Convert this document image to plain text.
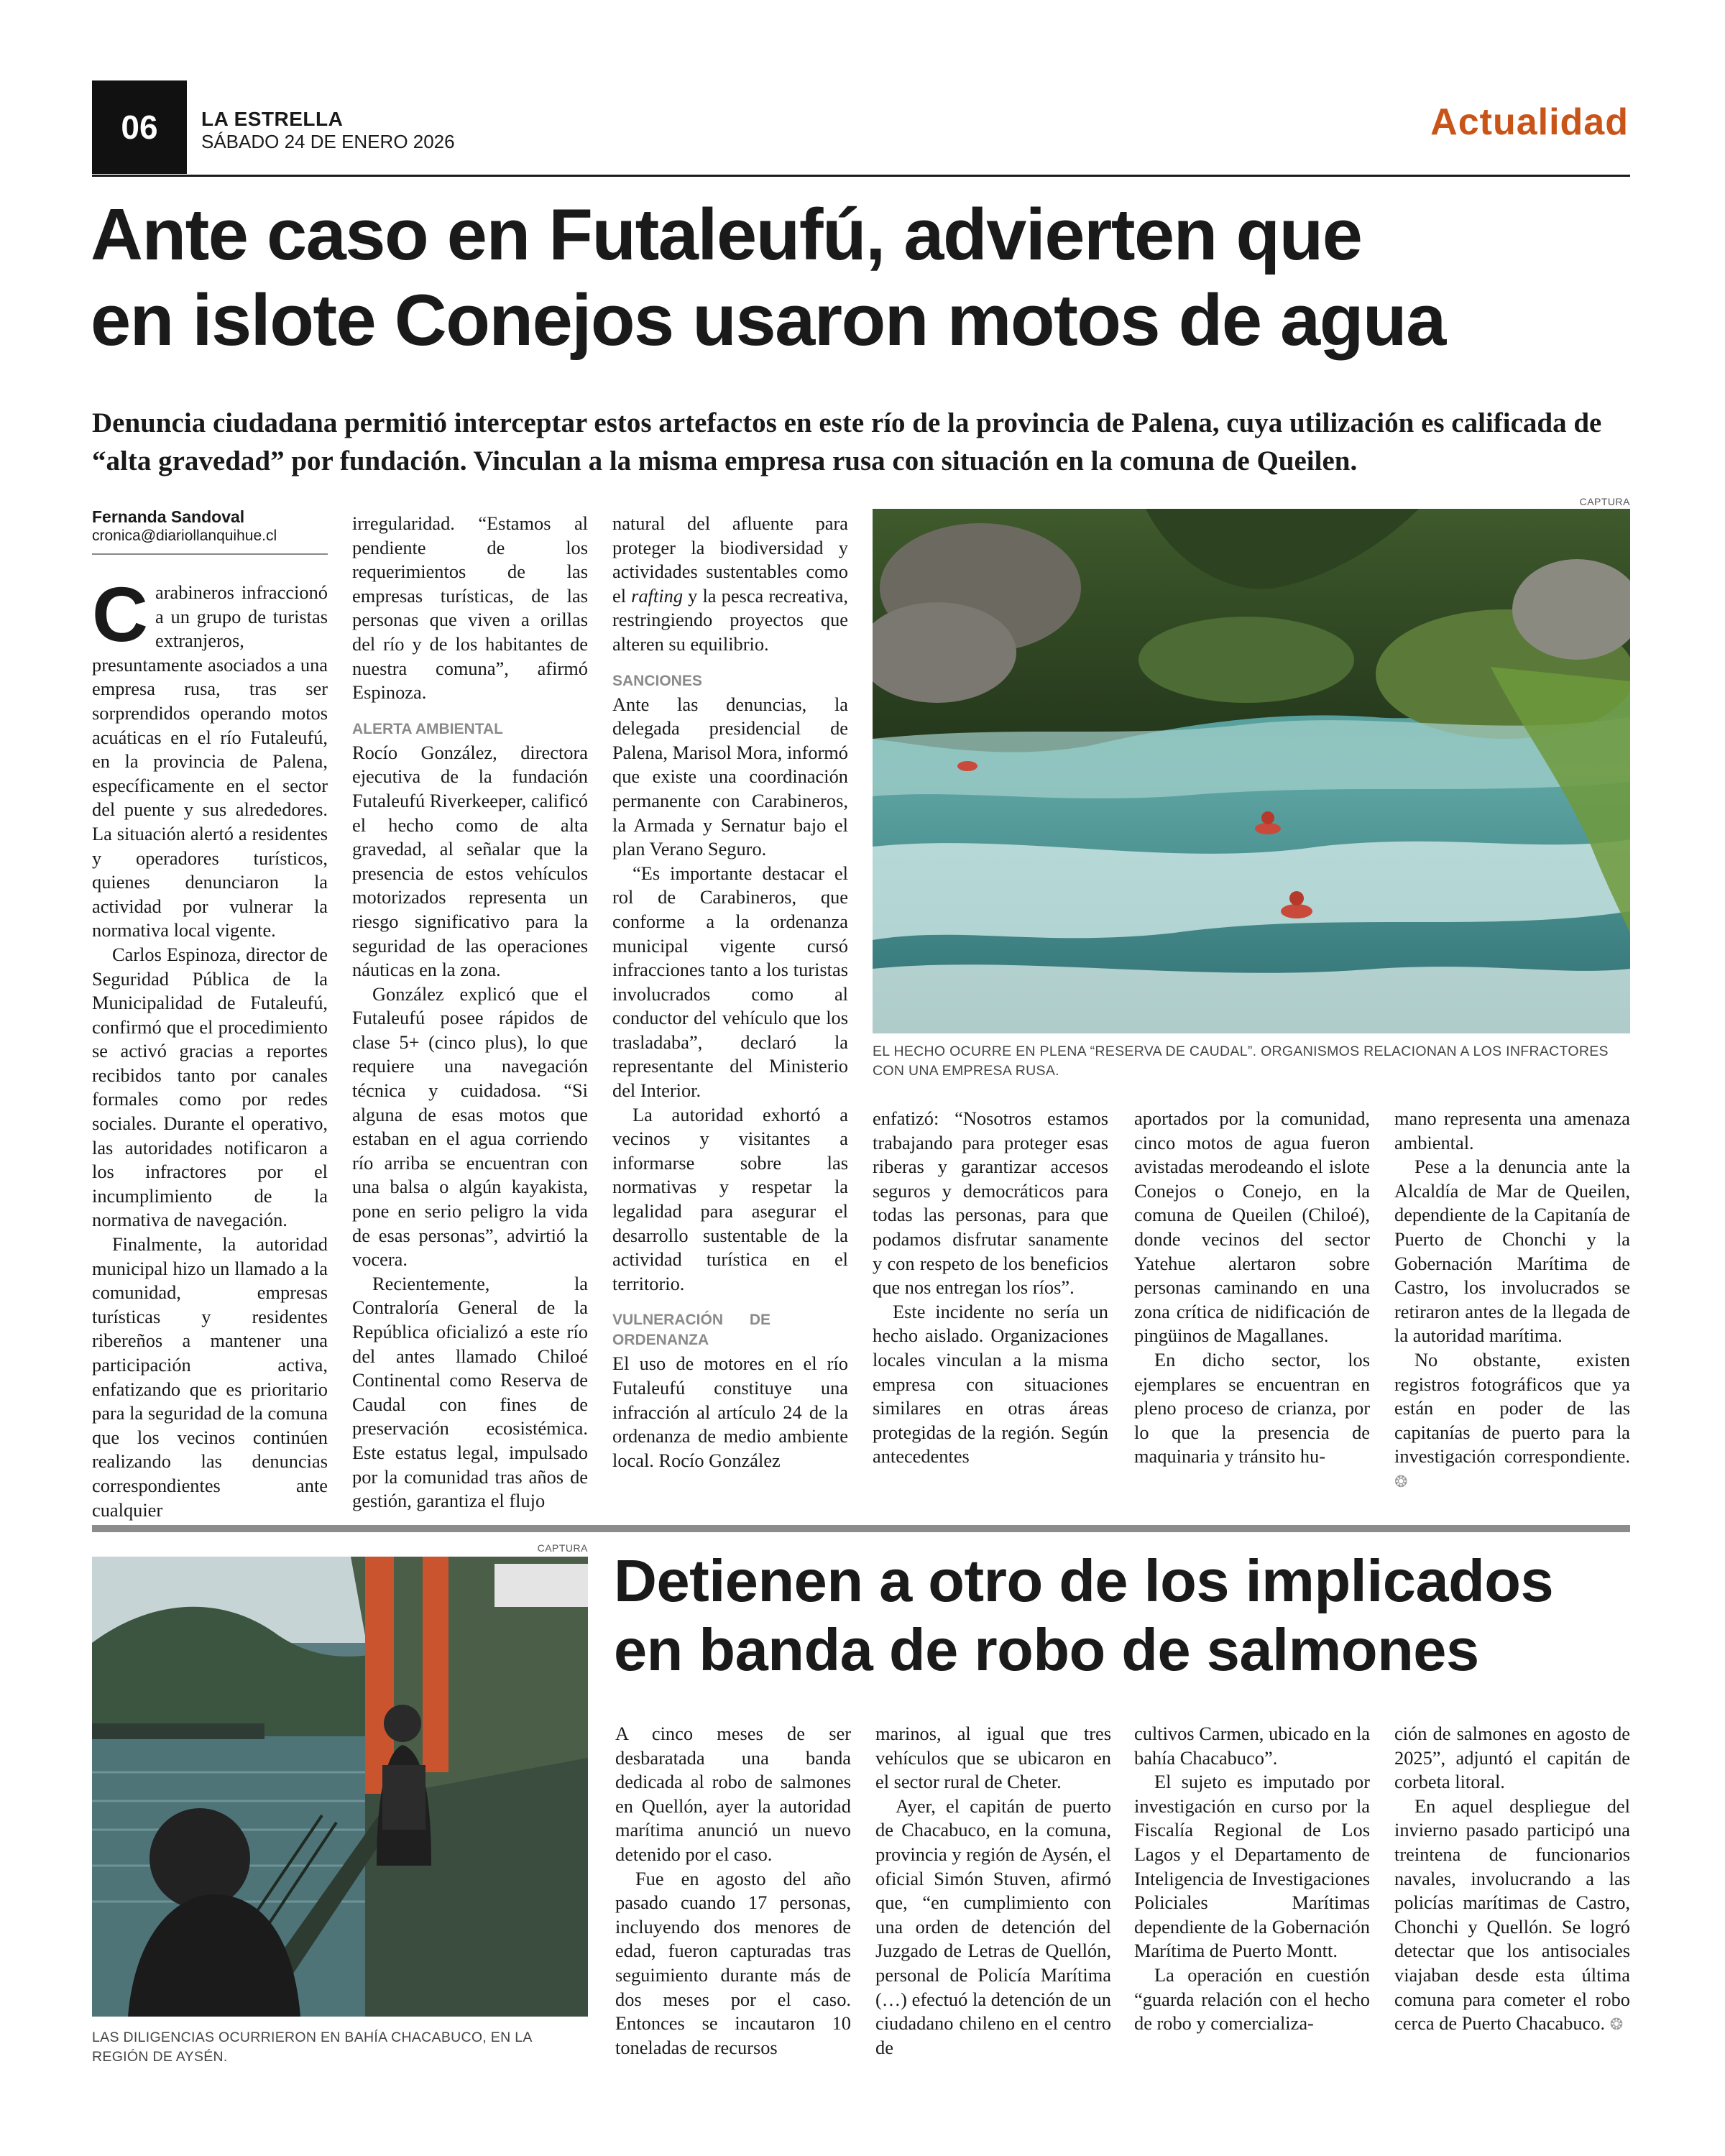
06	LA ESTRELLA
SÁBADO 24 DE ENERO 2026	Actualidad
Ante caso en Futaleufú, advierten que
en islote Conejos usaron motos de agua
Denuncia ciudadana permitió interceptar estos artefactos en este río de la provincia de Palena, cuya utilización es calificada de “alta gravedad” por fundación. Vinculan a la misma empresa rusa con situación en la comuna de Queilen.
Fernanda Sandoval
cronica@diariollanquihue.cl

Carabineros infraccionó a un grupo de turistas extranjeros, presuntamente asociados a una empresa rusa, tras ser sorprendidos operando motos acuáticas en el río Futaleufú, en la provincia de Palena, específicamente en el sector del puente y sus alrededores. La situación alertó a residentes y operadores turísticos, quienes denunciaron la actividad por vulnerar la normativa local vigente.

Carlos Espinoza, director de Seguridad Pública de la Municipalidad de Futaleufú, confirmó que el procedimiento se activó gracias a reportes recibidos tanto por canales formales como por redes sociales. Durante el operativo, las autoridades notificaron a los infractores por el incumplimiento de la normativa de navegación.

Finalmente, la autoridad municipal hizo un llamado a la comunidad, empresas turísticas y residentes ribereños a mantener una participación activa, enfatizando que es prioritario para la seguridad de la comuna que los vecinos continúen realizando las denuncias correspondientes ante cualquier

irregularidad. “Estamos al pendiente de los requerimientos de las empresas turísticas, de las personas que viven a orillas del río y de los habitantes de nuestra comuna”, afirmó Espinoza.

ALERTA AMBIENTAL

Rocío González, directora ejecutiva de la fundación Futaleufú Riverkeeper, calificó el hecho como de alta gravedad, al señalar que la presencia de estos vehículos motorizados representa un riesgo significativo para la seguridad de las operaciones náuticas en la zona.

González explicó que el Futaleufú posee rápidos de clase 5+ (cinco plus), lo que requiere una navegación técnica y cuidadosa. “Si alguna de esas motos que estaban en el agua corriendo río arriba se encuentran con una balsa o algún kayakista, pone en serio peligro la vida de esas personas”, advirtió la vocera.

Recientemente, la Contraloría General de la República oficializó a este río del antes llamado Chiloé Continental como Reserva de Caudal con fines de preservación ecosistémica. Este estatus legal, impulsado por la comunidad tras años de gestión, garantiza el flujo

natural del afluente para proteger la biodiversidad y actividades sustentables como el rafting y la pesca recreativa, restringiendo proyectos que alteren su equilibrio.

SANCIONES

Ante las denuncias, la delegada presidencial de Palena, Marisol Mora, informó que existe una coordinación permanente con Carabineros, la Armada y Sernatur bajo el plan Verano Seguro.

“Es importante destacar el rol de Carabineros, que conforme a la ordenanza municipal vigente cursó infracciones tanto a los turistas involucrados como al conductor del vehículo que los trasladaba”, declaró la representante del Ministerio del Interior.

La autoridad exhortó a vecinos y visitantes a informarse sobre las normativas y respetar la legalidad para asegurar el desarrollo sustentable de la actividad turística en el territorio.

VULNERACIÓN DE ORDENANZA

El uso de motores en el río Futaleufú constituye una infracción al artículo 24 de la ordenanza de medio ambiente local. Rocío González

CAPTURA
EL HECHO OCURRE EN PLENA “RESERVA DE CAUDAL”. ORGANISMOS RELACIONAN A LOS INFRACTORES CON UNA EMPRESA RUSA.

enfatizó: “Nosotros estamos trabajando para proteger esas riberas y garantizar accesos seguros y democráticos para todas las personas, para que podamos disfrutar sanamente y con respeto de los beneficios que nos entregan los ríos”.

Este incidente no sería un hecho aislado. Organizaciones locales vinculan a la misma empresa con situaciones similares en otras áreas protegidas de la región. Según antecedentes

aportados por la comunidad, cinco motos de agua fueron avistadas merodeando el islote Conejos o Conejo, en la comuna de Queilen (Chiloé), donde vecinos del sector Yatehue alertaron sobre personas caminando en una zona crítica de nidificación de pingüinos de Magallanes.

En dicho sector, los ejemplares se encuentran en pleno proceso de crianza, por lo que la presencia de maquinaria y tránsito hu-

mano representa una amenaza ambiental.

Pese a la denuncia ante la Alcaldía de Mar de Queilen, dependiente de la Capitanía de Puerto de Chonchi y la Gobernación Marítima de Castro, los involucrados se retiraron antes de la llegada de la autoridad marítima.

No obstante, existen registros fotográficos que ya están en poder de las capitanías de puerto para la investigación correspondiente. ❂

CAPTURA
LAS DILIGENCIAS OCURRIERON EN BAHÍA CHACABUCO, EN LA REGIÓN DE AYSÉN.
Detienen a otro de los implicados
en banda de robo de salmones

A cinco meses de ser desbaratada una banda dedicada al robo de salmones en Quellón, ayer la autoridad marítima anunció un nuevo detenido por el caso.

Fue en agosto del año pasado cuando 17 personas, incluyendo dos menores de edad, fueron capturadas tras seguimiento durante más de dos meses por el caso. Entonces se incautaron 10 toneladas de recursos

marinos, al igual que tres vehículos que se ubicaron en el sector rural de Cheter.

Ayer, el capitán de puerto de Chacabuco, en la comuna, provincia y región de Aysén, el oficial Simón Stuven, afirmó que, “en cumplimiento con una orden de detención del Juzgado de Letras de Quellón, personal de Policía Marítima (…) efectuó la detención de un ciudadano chileno en el centro de

cultivos Carmen, ubicado en la bahía Chacabuco”.

El sujeto es imputado por investigación en curso por la Fiscalía Regional de Los Lagos y el Departamento de Inteligencia de Investigaciones Policiales Marítimas dependiente de la Gobernación Marítima de Puerto Montt.

La operación en cuestión “guarda relación con el hecho de robo y comercializa-

ción de salmones en agosto de 2025”, adjuntó el capitán de corbeta litoral.

En aquel despliegue del invierno pasado participó una treintena de funcionarios navales, involucrando a las policías marítimas de Castro, Chonchi y Quellón. Se logró detectar que los antisociales viajaban desde esta última comuna para cometer el robo cerca de Puerto Chacabuco. ❂
